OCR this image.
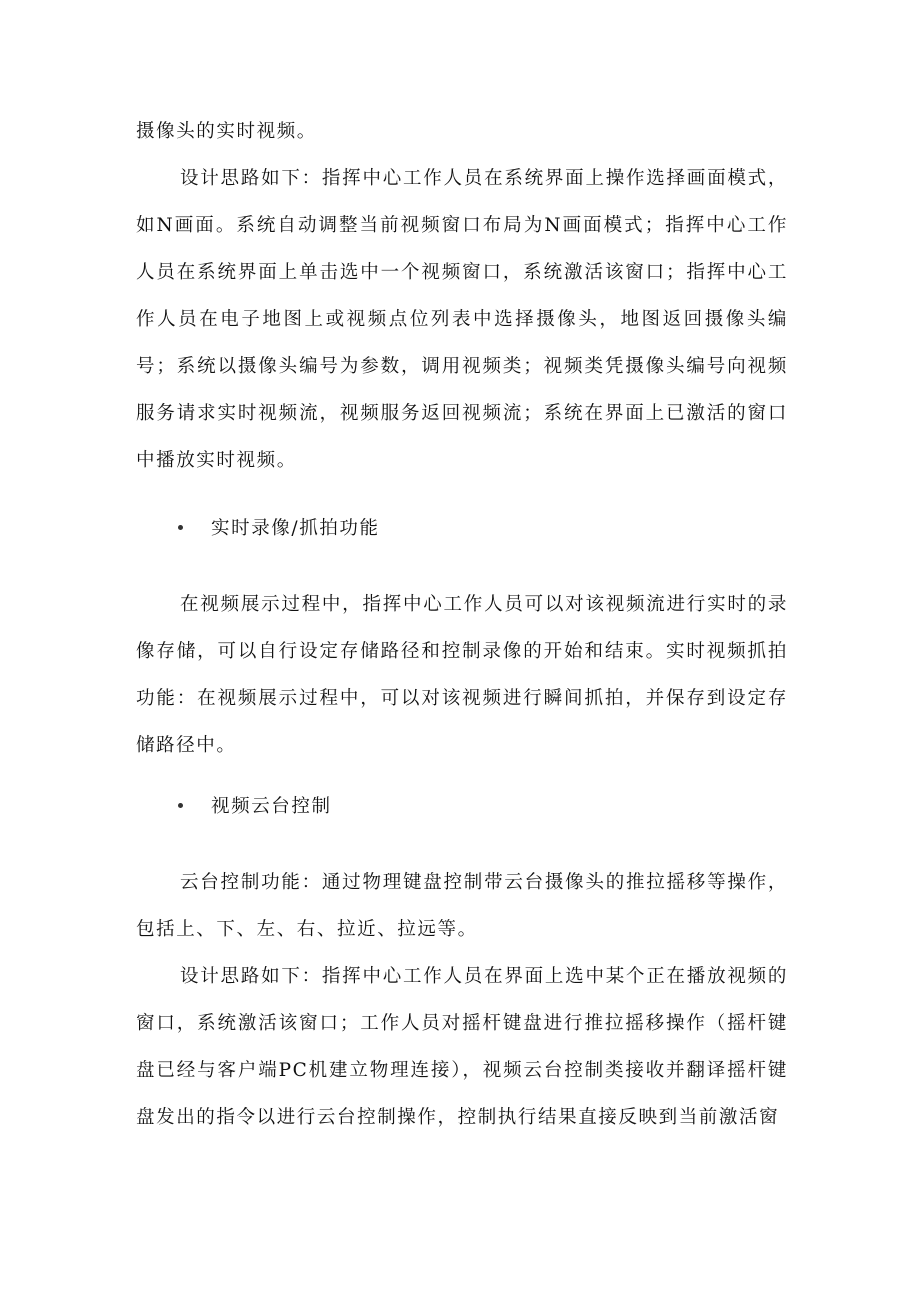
摄像头的实时视频。

设计思路如下：指挥中心工作人员在系统界面上操作选择画面模式，如N画面。系统自动调整当前视频窗口布局为N画面模式；指挥中心工作人员在系统界面上单击选中一个视频窗口，系统激活该窗口；指挥中心工作人员在电子地图上或视频点位列表中选择摄像头，地图返回摄像头编号；系统以摄像头编号为参数，调用视频类；视频类凭摄像头编号向视频服务请求实时视频流，视频服务返回视频流；系统在界面上已激活的窗口中播放实时视频。

实时录像/抓拍功能

在视频展示过程中，指挥中心工作人员可以对该视频流进行实时的录像存储，可以自行设定存储路径和控制录像的开始和结束。实时视频抓拍功能：在视频展示过程中，可以对该视频进行瞬间抓拍，并保存到设定存储路径中。

视频云台控制

云台控制功能：通过物理键盘控制带云台摄像头的推拉摇移等操作，包括上、下、左、右、拉近、拉远等。

设计思路如下：指挥中心工作人员在界面上选中某个正在播放视频的窗口，系统激活该窗口；工作人员对摇杆键盘进行推拉摇移操作（摇杆键盘已经与客户端PC机建立物理连接），视频云台控制类接收并翻译摇杆键盘发出的指令以进行云台控制操作，控制执行结果直接反映到当前激活窗
